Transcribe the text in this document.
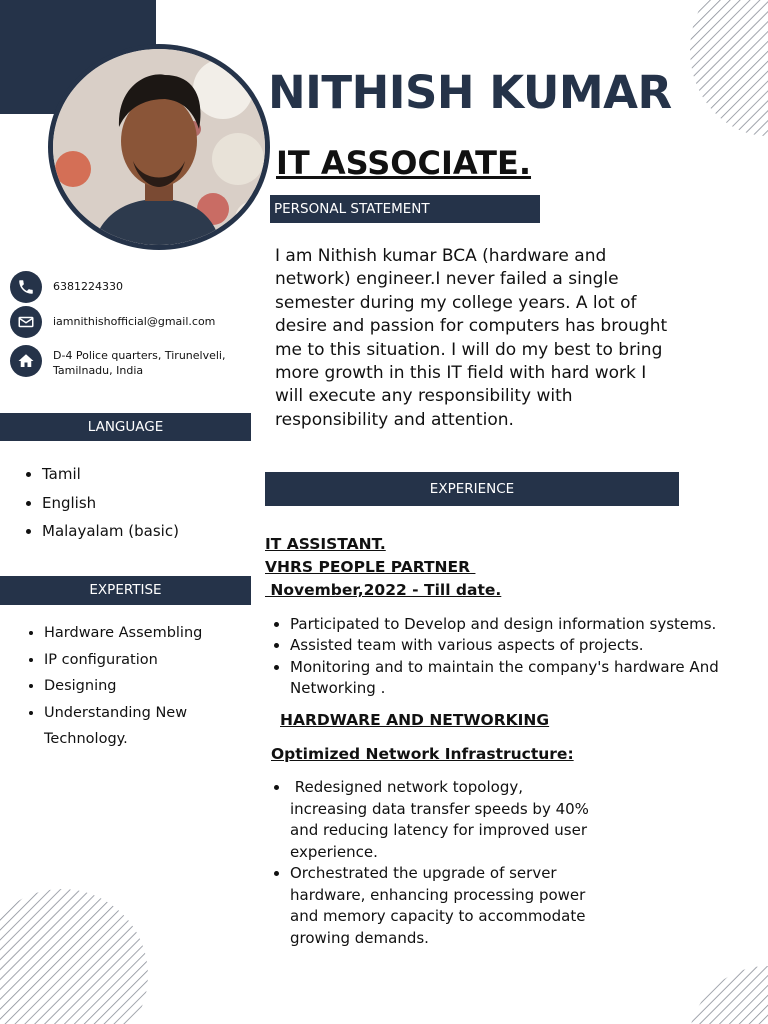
NITHISH KUMAR
IT ASSOCIATE.
PERSONAL STATEMENT
I am Nithish kumar BCA (hardware and network) engineer.I never failed a single semester during my college years. A lot of desire and passion for computers has brought me to this situation. I will do my best to bring more growth in this IT field with hard work I will execute any responsibility with responsibility and attention.
6381224330
iamnithishofficial@gmail.com
D-4 Police quarters, Tirunelveli, Tamilnadu, India
LANGUAGE
• Tamil
• English
• Malayalam (basic)
EXPERTISE
• Hardware Assembling
• IP configuration
• Designing
• Understanding New Technology.
EXPERIENCE
IT ASSISTANT.
VHRS PEOPLE PARTNER
November,2022 - Till date.
• Participated to Develop and design information systems.
• Assisted team with various aspects of projects.
• Monitoring and to maintain the company's hardware And Networking .
HARDWARE AND NETWORKING
Optimized Network Infrastructure:
•  Redesigned network topology, increasing data transfer speeds by 40% and reducing latency for improved user experience.
• Orchestrated the upgrade of server hardware, enhancing processing power and memory capacity to accommodate growing demands.
